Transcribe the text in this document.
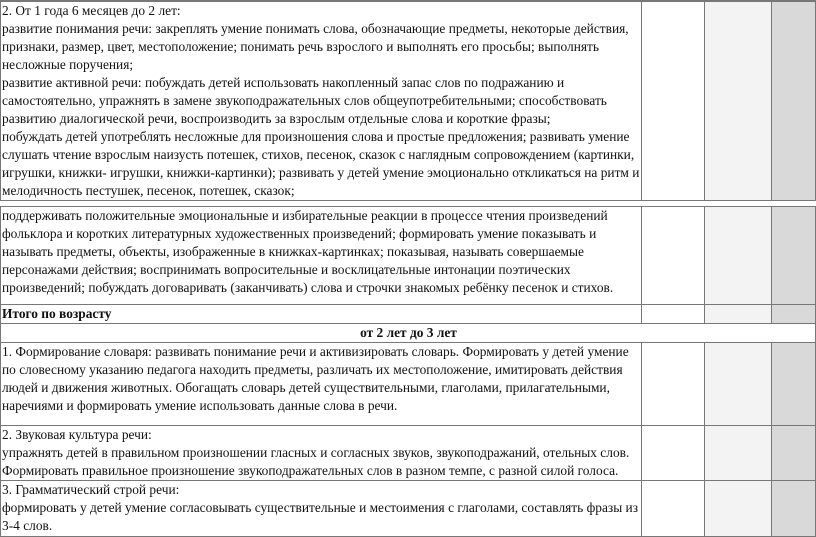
2. От 1 года 6 месяцев до 2 лет:

развитие понимания речи: закреплять умение понимать слова, обозначающие предметы, некоторые действия, признаки, размер, цвет, местоположение; понимать речь взрослого и выполнять его просьбы; выполнять несложные поручения;

развитие активной речи: побуждать детей использовать накопленный запас слов по подражанию и самостоятельно, упражнять в замене звукоподражательных слов общеупотребительными; способствовать развитию диалогической речи, воспроизводить за взрослым отдельные слова и короткие фразы;

побуждать детей употреблять несложные для произношения слова и простые предложения; развивать умение слушать чтение взрослым наизусть потешек, стихов, песенок, сказок с наглядным сопровождением (картинки, игрушки, книжки- игрушки, книжки-картинки); развивать у детей умение эмоционально откликаться на ритм и мелодичность пестушек, песенок, потешек, сказок;

поддерживать положительные эмоциональные и избирательные реакции в процессе чтения произведений фольклора и коротких литературных художественных произведений; формировать умение показывать и называть предметы, объекты, изображенные в книжках-картинках; показывая, называть совершаемые персонажами действия; воспринимать вопросительные и восклицательные интонации поэтических произведений; побуждать договаривать (заканчивать) слова и строчки знакомых ребёнку песенок и стихов.			
Итого по возрасту			
от 2 лет до 3 лет			

1. Формирование словаря: развивать понимание речи и активизировать словарь. Формировать у детей умение по словесному указанию педагога находить предметы, различать их местоположение, имитировать действия людей и движения животных. Обогащать словарь детей существительными, глаголами, прилагательными, наречиями и формировать умение использовать данные слова в речи.			

2. Звуковая культура речи:

упражнять детей в правильном произношении гласных и согласных звуков, звукоподражаний, отельных слов. Формировать правильное произношение звукоподражательных слов в разном темпе, с разной силой голоса.			

3. Грамматический строй речи:

формировать у детей умение согласовывать существительные и местоимения с глаголами, составлять фразы из 3-4 слов.			
